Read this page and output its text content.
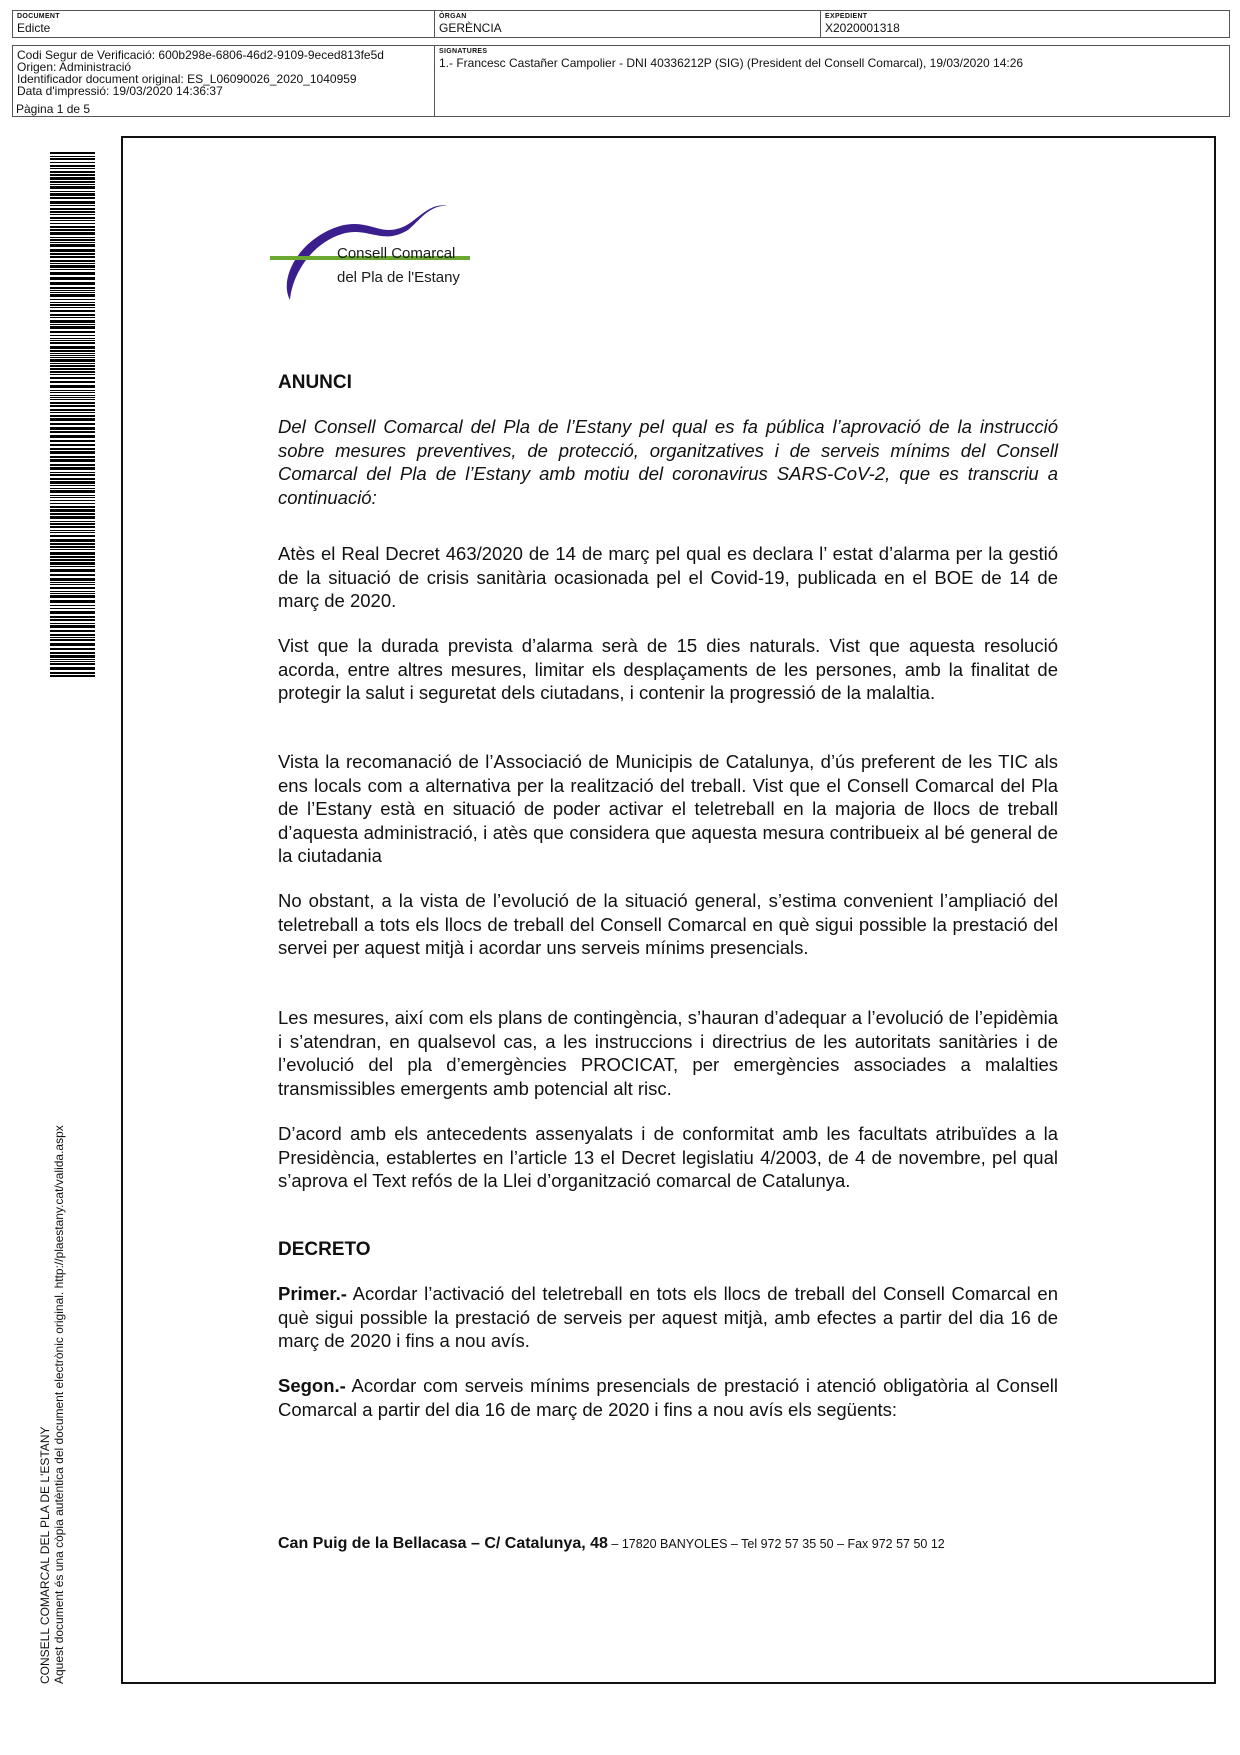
DOCUMENT
Edicte
ÒRGAN
GERÈNCIA
EXPEDIENT
X2020001318
Codi Segur de Verificació: 600b298e-6806-46d2-9109-9eced813fe5d
Origen: Administració
Identificador document original: ES_L06090026_2020_1040959
Data d'impressió: 19/03/2020 14:36:37
SIGNATURES
1.- Francesc Castañer Campolier - DNI 40336212P (SIG) (President del Consell Comarcal), 19/03/2020 14:26
Pàgina 1 de 5
CONSELL COMARCAL DEL PLA DE L'ESTANY Aquest document és una còpia autèntica del document electrònic original. http://plaestany.cat/valida.aspx
Consell Comarcal
del Pla de l'Estany
ANUNCI

Del Consell Comarcal del Pla de l’Estany pel qual es fa pública l’aprovació de la instrucció sobre mesures preventives, de protecció, organitzatives i de serveis mínims del Consell Comarcal del Pla de l’Estany amb motiu del coronavirus SARS-CoV-2, que es transcriu a continuació:

Atès el Real Decret 463/2020 de 14 de març pel qual es declara l’ estat d’alarma per la gestió de la situació de crisis sanitària ocasionada pel el Covid-19, publicada en el BOE de 14 de març de 2020.

Vist que la durada prevista d’alarma serà de 15 dies naturals. Vist que aquesta resolució acorda, entre altres mesures, limitar els desplaçaments de les persones, amb la finalitat de protegir la salut i seguretat dels ciutadans, i contenir la progressió de la malaltia.

Vista la recomanació de l’Associació de Municipis de Catalunya, d’ús preferent de les TIC als ens locals com a alternativa per la realització del treball. Vist que el Consell Comarcal del Pla de l’Estany està en situació de poder activar el teletreball en la majoria de llocs de treball d’aquesta administració, i atès que considera que aquesta mesura contribueix al bé general de la ciutadania

No obstant, a la vista de l’evolució de la situació general, s’estima convenient l’ampliació del teletreball a tots els llocs de treball del Consell Comarcal en què sigui possible la prestació del servei per aquest mitjà i acordar uns serveis mínims presencials.

Les mesures, així com els plans de contingència, s’hauran d’adequar a l’evolució de l’epidèmia i s’atendran, en qualsevol cas, a les instruccions i directrius de les autoritats sanitàries i de l’evolució del pla d’emergències PROCICAT, per emergències associades a malalties transmissibles emergents amb potencial alt risc.

D’acord amb els antecedents assenyalats i de conformitat amb les facultats atribuïdes a la Presidència, establertes en l’article 13 el Decret legislatiu 4/2003, de 4 de novembre, pel qual s’aprova el Text refós de la Llei d’organització comarcal de Catalunya.

DECRETO

Primer.- Acordar l’activació del teletreball en tots els llocs de treball del Consell Comarcal en què sigui possible la prestació de serveis per aquest mitjà, amb efectes a partir del dia 16 de març de 2020 i fins a nou avís.

Segon.- Acordar com serveis mínims presencials de prestació i atenció obligatòria al Consell Comarcal a partir del dia 16 de març de 2020 i fins a nou avís els següents:

Can Puig de la Bellacasa – C/ Catalunya, 48 – 17820 BANYOLES – Tel 972 57 35 50 – Fax 972 57 50 12
